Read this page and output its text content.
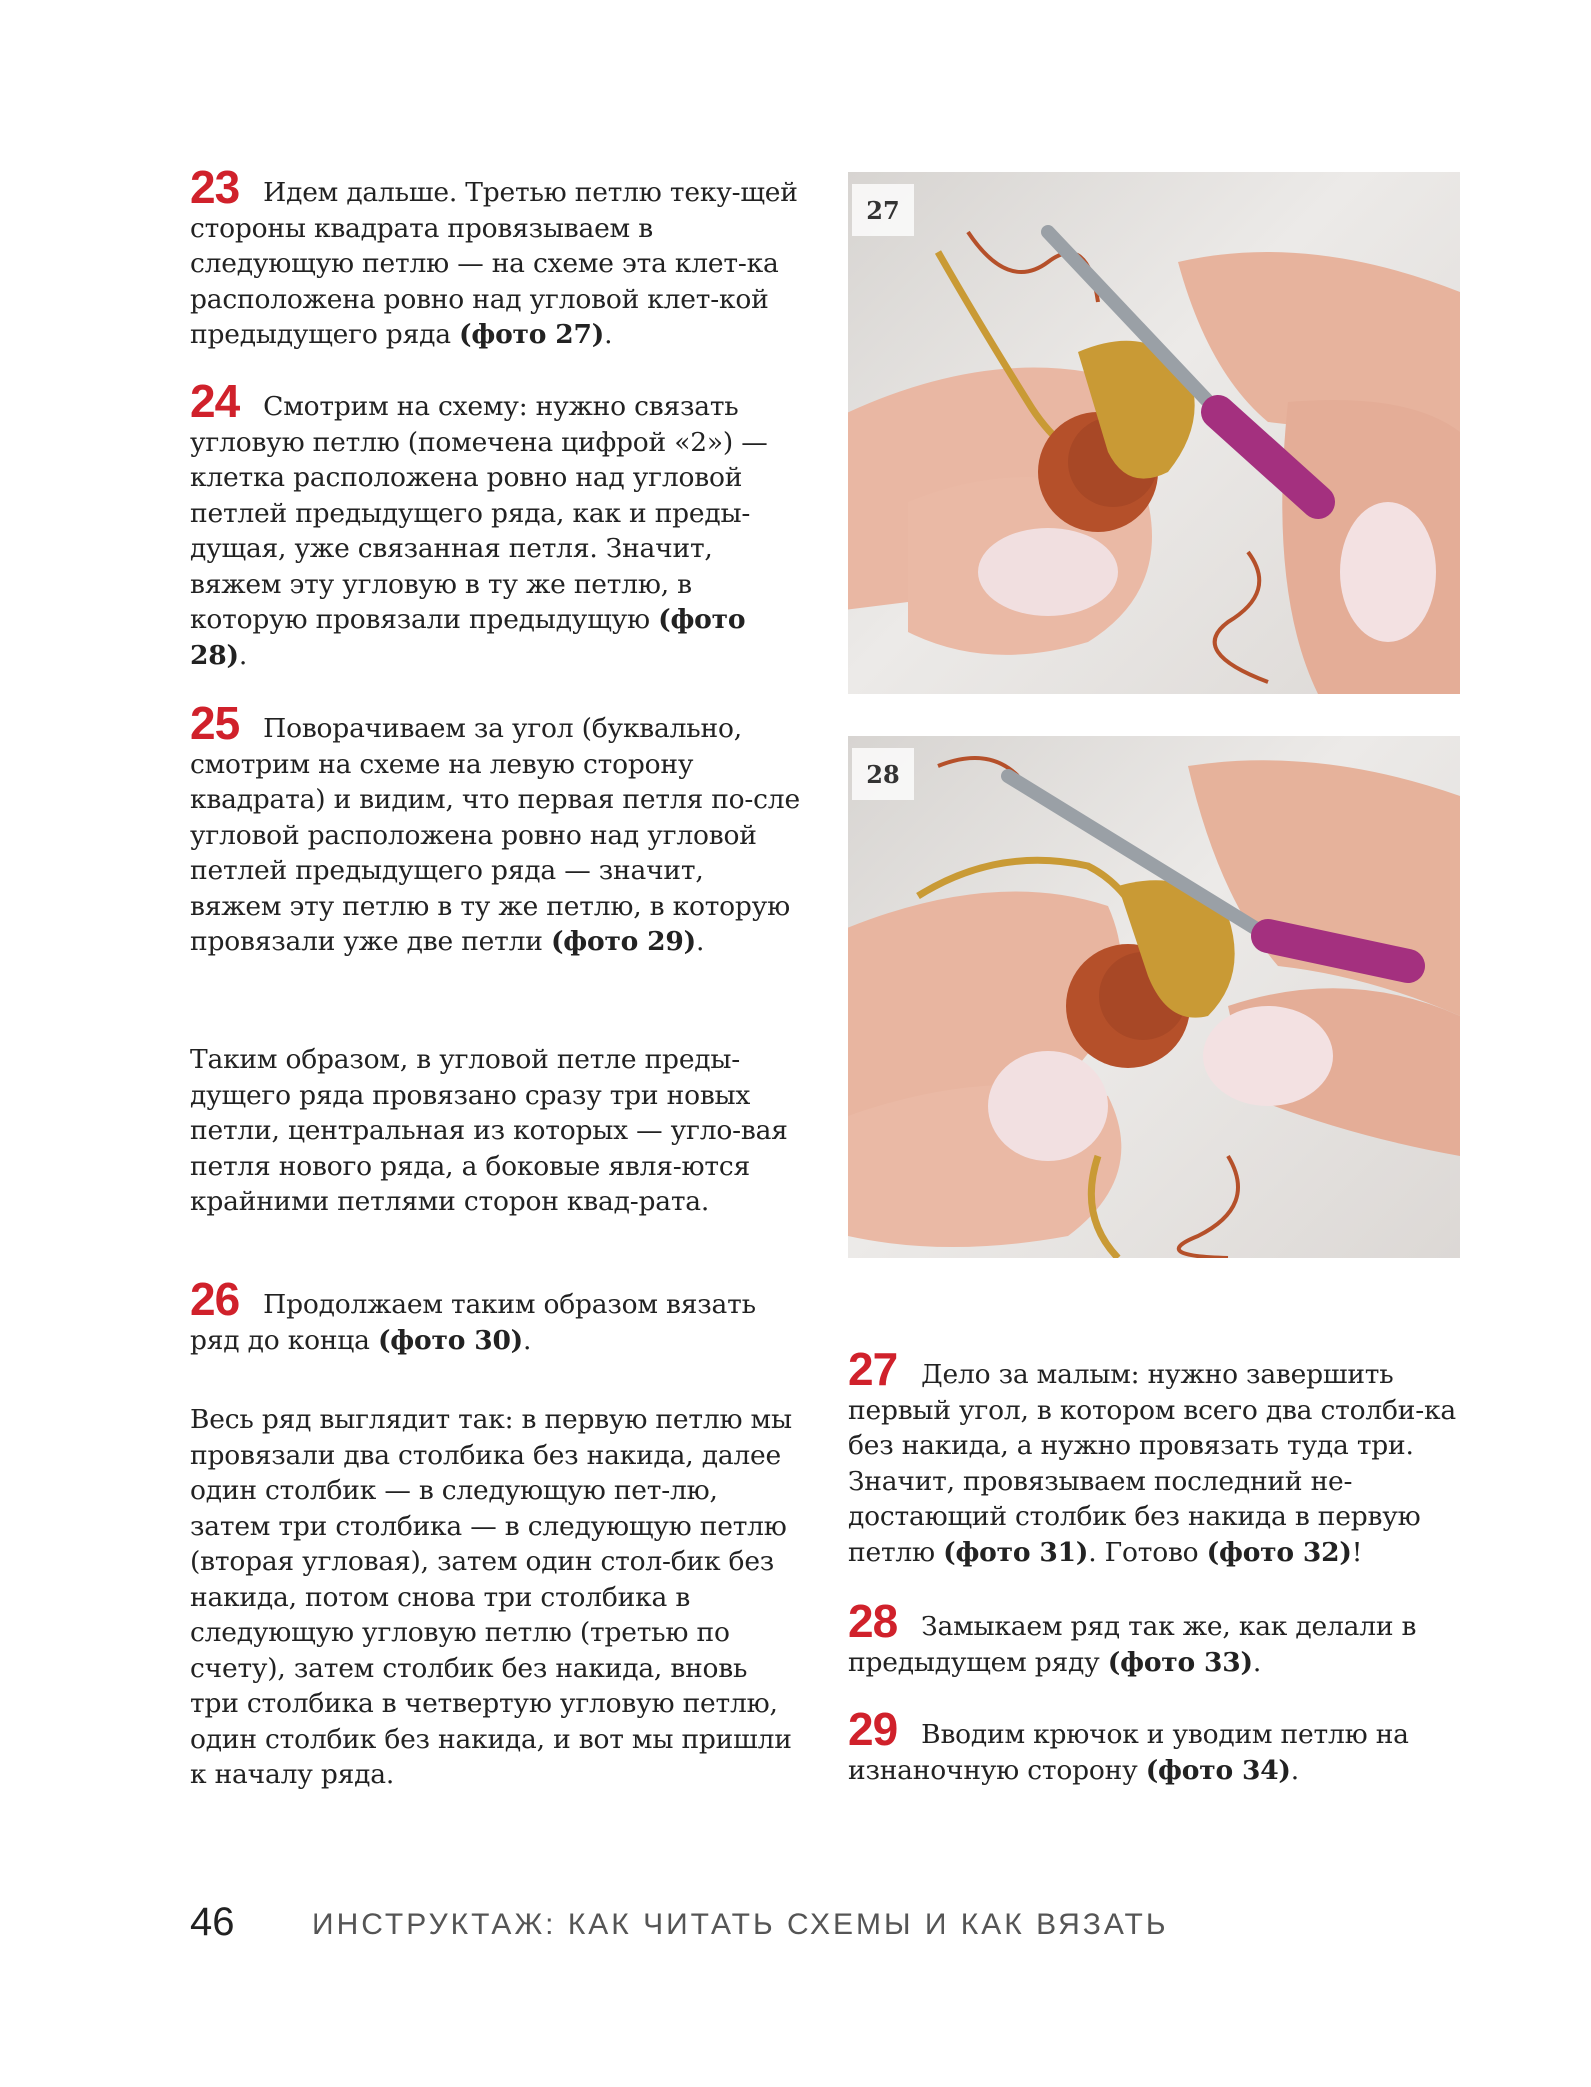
23 Идем дальше. Третью петлю теку-щей стороны квадрата провязываем в следующую петлю — на схеме эта клет-ка расположена ровно над угловой клет-кой предыдущего ряда (фото 27).

24 Смотрим на схему: нужно связать угловую петлю (помечена цифрой «2») — клетка расположена ровно над угловой петлей предыдущего ряда, как и преды-дущая, уже связанная петля. Значит, вяжем эту угловую в ту же петлю, в которую провязали предыдущую (фото 28).

25 Поворачиваем за угол (буквально, смотрим на схеме на левую сторону квадрата) и видим, что первая петля по-сле угловой расположена ровно над угловой петлей предыдущего ряда — значит, вяжем эту петлю в ту же петлю, в которую провязали уже две петли (фото 29).

Таким образом, в угловой петле преды-дущего ряда провязано сразу три новых петли, центральная из которых — угло-вая петля нового ряда, а боковые явля-ются крайними петлями сторон квад-рата.

26 Продолжаем таким образом вязать ряд до конца (фото 30).

Весь ряд выглядит так: в первую петлю мы провязали два столбика без накида, далее один столбик — в следующую пет-лю, затем три столбика — в следующую петлю (вторая угловая), затем один стол-бик без накида, потом снова три столбика в следующую угловую петлю (третью по счету), затем столбик без накида, вновь три столбика в четвертую угловую петлю, один столбик без накида, и вот мы пришли к началу ряда.

27
28

27 Дело за малым: нужно завершить первый угол, в котором всего два столби-ка без накида, а нужно провязать туда три. Значит, провязываем последний не-достающий столбик без накида в первую петлю (фото 31). Готово (фото 32)!

28 Замыкаем ряд так же, как делали в предыдущем ряду (фото 33).

29 Вводим крючок и уводим петлю на изнаночную сторону (фото 34).

46	ИНСТРУКТАЖ: КАК ЧИТАТЬ СХЕМЫ И КАК ВЯЗАТЬ
